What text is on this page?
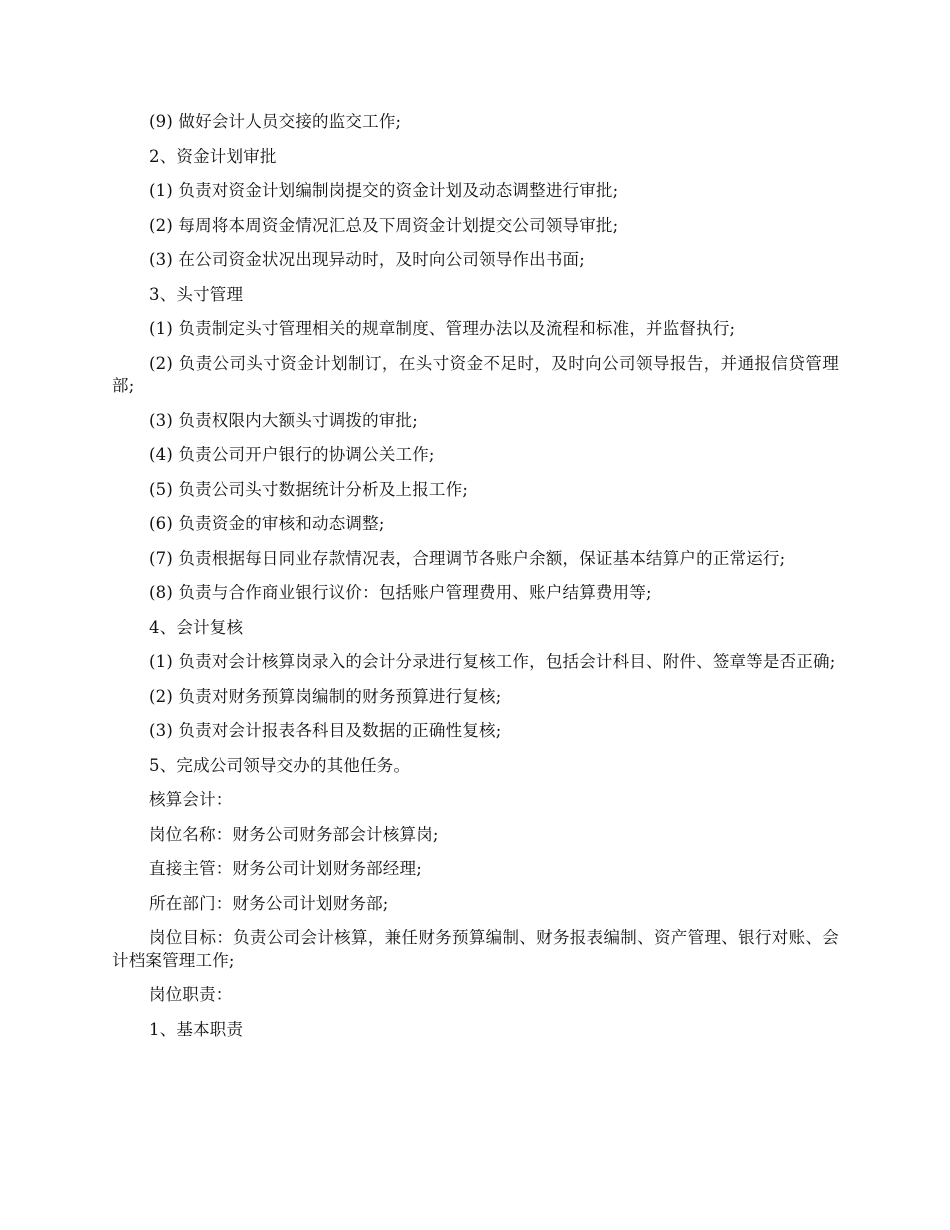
(9) 做好会计人员交接的监交工作;

2、资金计划审批

(1) 负责对资金计划编制岗提交的资金计划及动态调整进行审批;

(2) 每周将本周资金情况汇总及下周资金计划提交公司领导审批;

(3) 在公司资金状况出现异动时，及时向公司领导作出书面;

3、头寸管理

(1) 负责制定头寸管理相关的规章制度、管理办法以及流程和标准，并监督执行;

(2) 负责公司头寸资金计划制订，在头寸资金不足时，及时向公司领导报告，并通报信贷管理部;

(3) 负责权限内大额头寸调拨的审批;

(4) 负责公司开户银行的协调公关工作;

(5) 负责公司头寸数据统计分析及上报工作;

(6) 负责资金的审核和动态调整;

(7) 负责根据每日同业存款情况表，合理调节各账户余额，保证基本结算户的正常运行;

(8) 负责与合作商业银行议价：包括账户管理费用、账户结算费用等;

4、会计复核

(1) 负责对会计核算岗录入的会计分录进行复核工作，包括会计科目、附件、签章等是否正确;

(2) 负责对财务预算岗编制的财务预算进行复核;

(3) 负责对会计报表各科目及数据的正确性复核;

5、完成公司领导交办的其他任务。

核算会计：

岗位名称：财务公司财务部会计核算岗;

直接主管：财务公司计划财务部经理;

所在部门：财务公司计划财务部;

岗位目标：负责公司会计核算，兼任财务预算编制、财务报表编制、资产管理、银行对账、会计档案管理工作;

岗位职责：

1、基本职责
